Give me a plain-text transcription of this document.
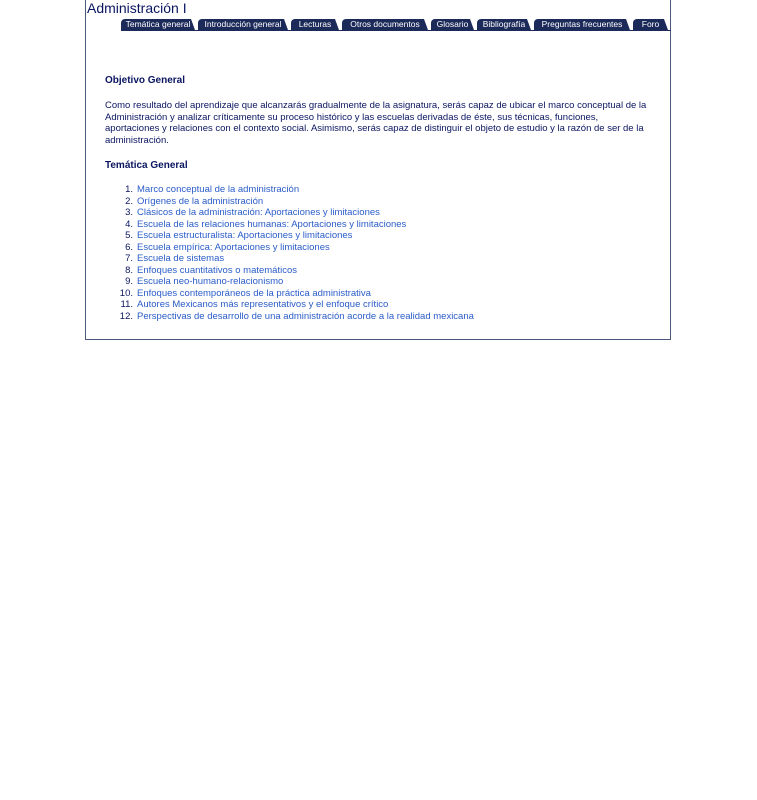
Administración I
Temática general	Introducción general	Lecturas	Otros documentos	Glosario	Bibliografía	Preguntas frecuentes	Foro
Objetivo General

Como resultado del aprendizaje que alcanzarás gradualmente de la asignatura, serás capaz de ubicar el marco conceptual de la Administración y analizar críticamente su proceso histórico y las escuelas derivadas de éste, sus técnicas, funciones, aportaciones y relaciones con el contexto social. Asimismo, serás capaz de distinguir el objeto de estudio y la razón de ser de la administración.

Temática General
1. Marco conceptual de la administración
2. Orígenes de la administración
3. Clásicos de la administración: Aportaciones y limitaciones
4. Escuela de las relaciones humanas: Aportaciones y limitaciones
5. Escuela estructuralista: Aportaciones y limitaciones
6. Escuela empírica: Aportaciones y limitaciones
7. Escuela de sistemas
8. Enfoques cuantitativos o matemáticos
9. Escuela neo-humano-relacionismo
10. Enfoques contemporáneos de la práctica administrativa
11. Autores Mexicanos más representativos y el enfoque crítico
12. Perspectivas de desarrollo de una administración acorde a la realidad mexicana
